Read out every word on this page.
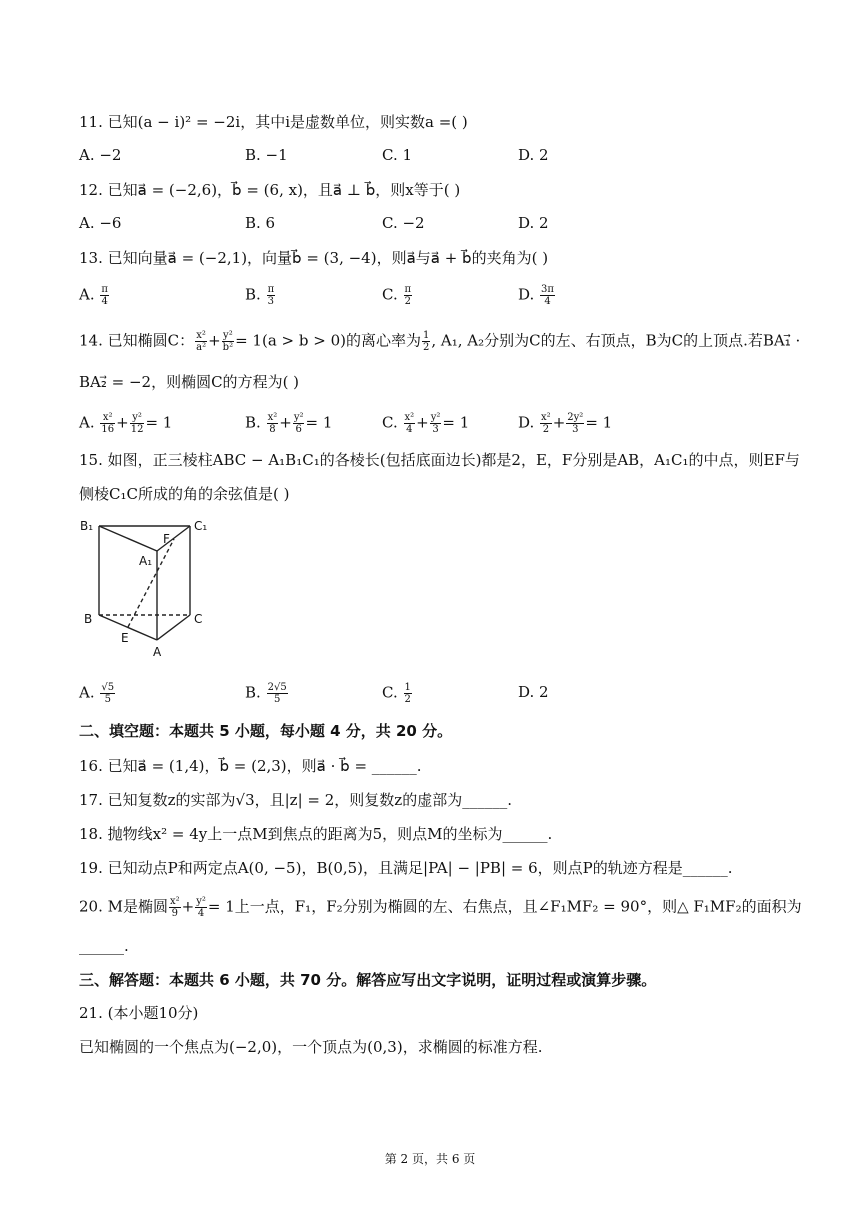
11. 已知(a − i)² = −2i，其中i是虚数单位，则实数a =( )
A. −2	B. −1	C. 1	D. 2
12. 已知a⃗ = (−2,6)，b⃗ = (6, x)，且a⃗ ⊥ b⃗，则x等于( )
A. −6	B. 6	C. −2	D. 2
13. 已知向量a⃗ = (−2,1)，向量b⃗ = (3, −4)，则a⃗与a⃗ + b⃗的夹角为( )
A. $\frac{\pi}{4}$	B. $\frac{\pi}{3}$	C. $\frac{\pi}{2}$	D. $\frac{3\pi}{4}$
14. 已知椭圆C： $\frac{\text{x²}}{\text{a²}} + \frac{\text{y²}}{\text{b²}} = 1(a > b > 0)$的离心率为 $\frac{1}{2}$ , A₁, A₂分别为C的左、右顶点，B为C的上顶点.若BA₁⃗ ·
BA₂⃗ = −2，则椭圆C的方程为( )
A. $\frac{\text{x²}}{16} + \frac{\text{y²}}{12} = 1$	B. $\frac{\text{x²}}{8} + \frac{\text{y²}}{6} = 1$	C. $\frac{\text{x²}}{4} + \frac{\text{y²}}{3} = 1$	D. $\frac{\text{x²}}{2} + \frac{\text{2y²}}{3} = 1$
15. 如图，正三棱柱ABC − A₁B₁C₁的各棱长(包括底面边长)都是2，E，F分别是AB，A₁C₁的中点，则EF与
侧棱C₁C所成的角的余弦值是( )
B₁	C₁
F
A₁
B	C
E
A
A. $\frac{√5}{5}$	B. $\frac{2√5}{5}$	C. $\frac{1}{2}$	D. 2
二、填空题：本题共 5 小题，每小题 4 分，共 20 分。
16. 已知a⃗ = (1,4)，b⃗ = (2,3)，则a⃗ · b⃗ = ______.
17. 已知复数z的实部为√3，且|z| = 2，则复数z的虚部为______.
18. 抛物线x² = 4y上一点M到焦点的距离为5，则点M的坐标为______.
19. 已知动点P和两定点A(0, −5)，B(0,5)，且满足|PA| − |PB| = 6，则点P的轨迹方程是______.
20. M是椭圆 $\frac{\text{x²}}{9} + \frac{\text{y²}}{4} = 1$上一点，F₁，F₂分别为椭圆的左、右焦点，且∠F₁MF₂ = 90°，则△ F₁MF₂的面积为
______.
三、解答题：本题共 6 小题，共 70 分。解答应写出文字说明，证明过程或演算步骤。
21. (本小题10分)
已知椭圆的一个焦点为(−2,0)，一个顶点为(0,3)，求椭圆的标准方程.
第 2 页，共 6 页
